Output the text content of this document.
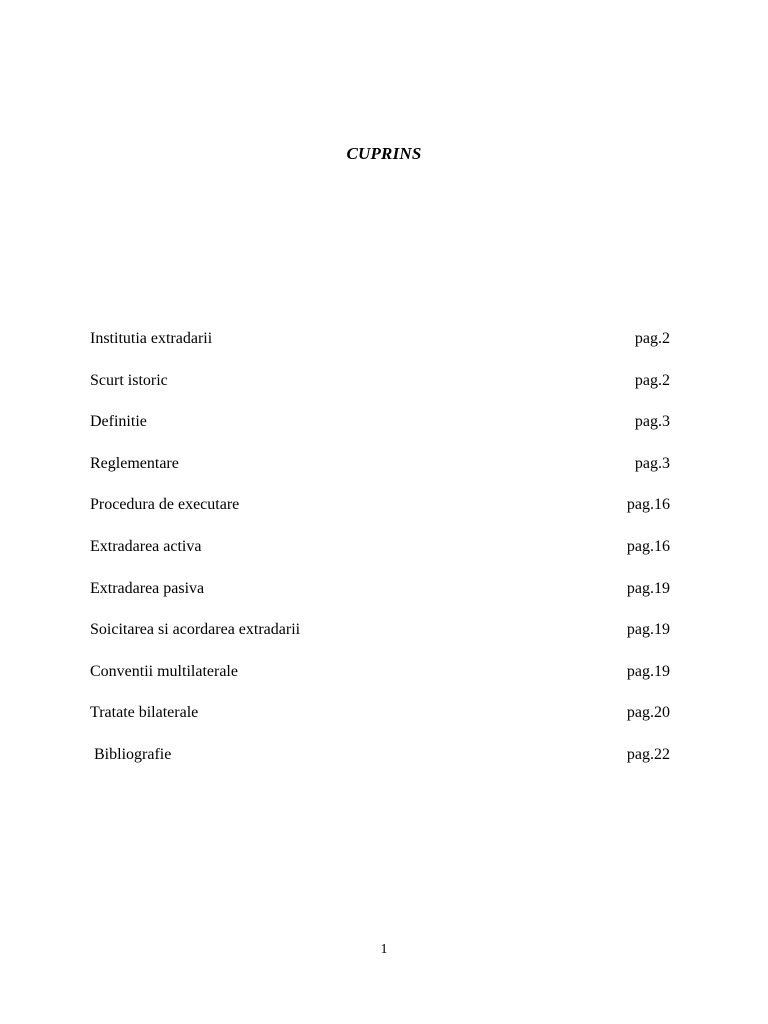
CUPRINS
Institutia extradarii	pag.2
Scurt istoric	pag.2
Definitie	pag.3
Reglementare	pag.3
Procedura de executare	pag.16
Extradarea activa	pag.16
Extradarea pasiva	pag.19
Soicitarea si acordarea extradarii	pag.19
Conventii multilaterale	pag.19
Tratate bilaterale	pag.20
Bibliografie	pag.22
1
